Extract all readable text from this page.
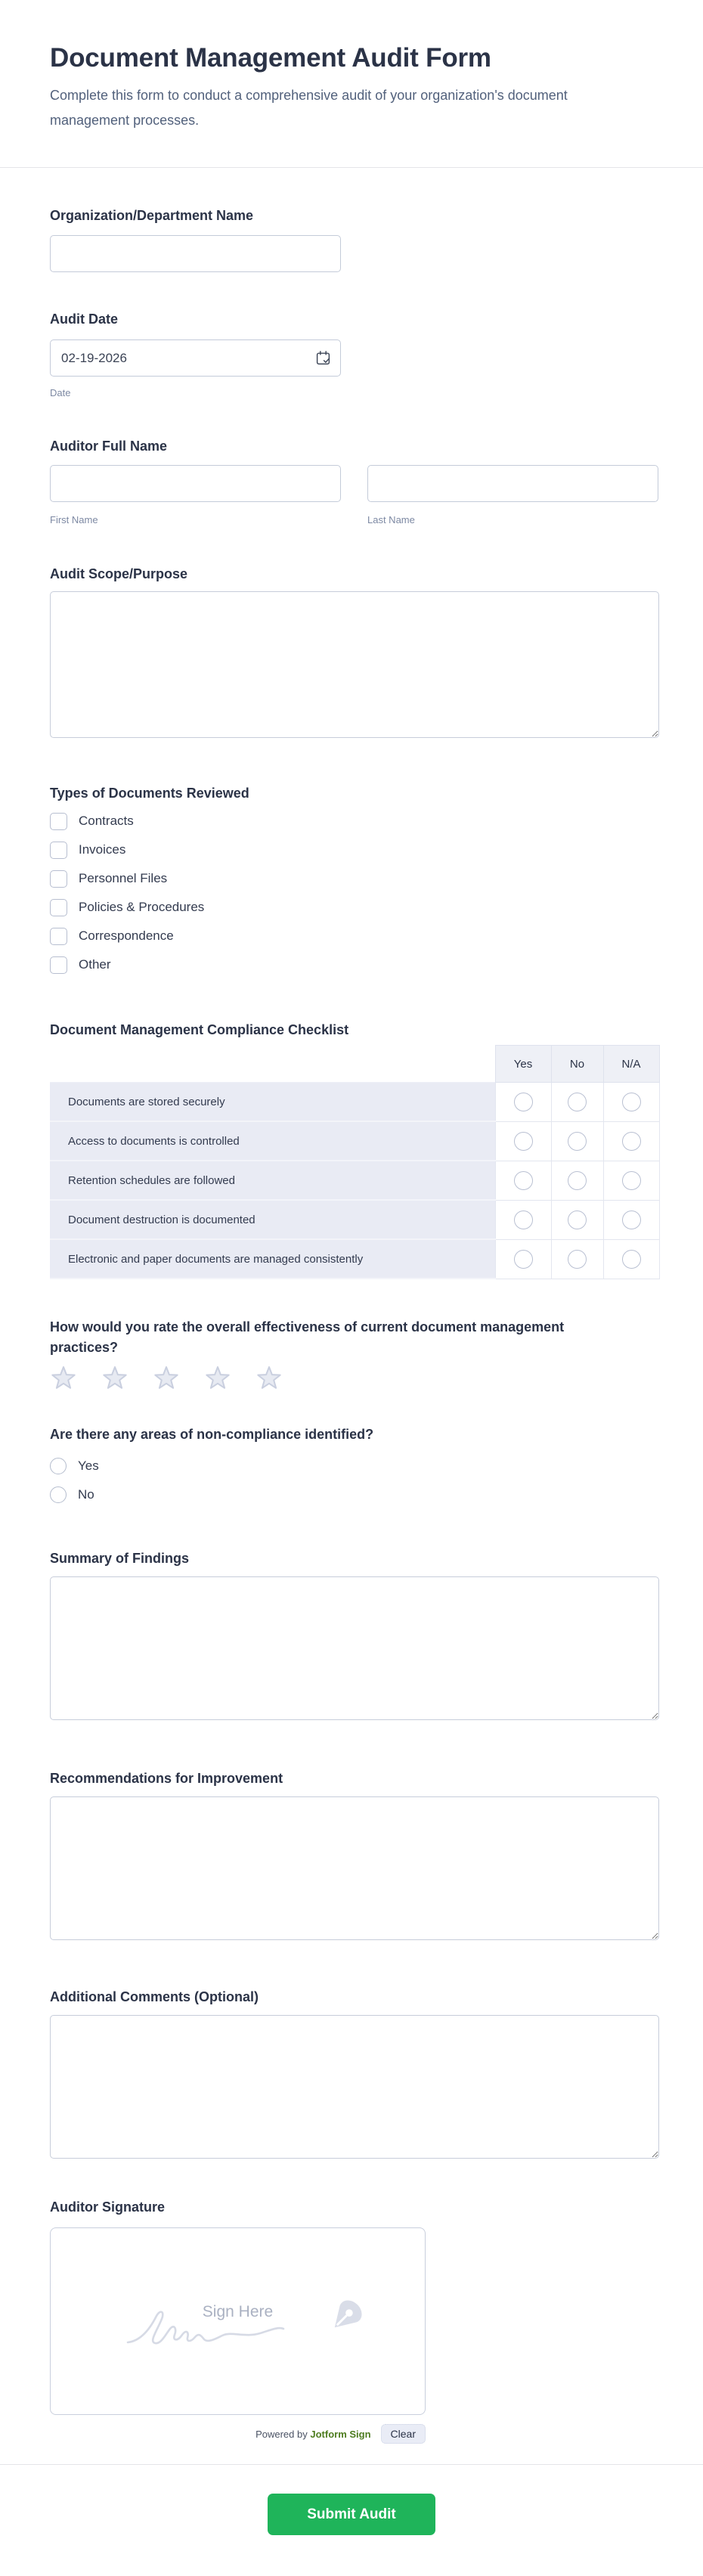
Document Management Audit Form

Complete this form to conduct a comprehensive audit of your organization's document management processes.

Organization/Department Name
Audit Date
02-19-2026
Date
Auditor Full Name
First Name	Last Name
Audit Scope/Purpose
Types of Documents Reviewed
Contracts
Invoices
Personnel Files
Policies & Procedures
Correspondence
Other
Document Management Compliance Checklist
	Yes	No	N/A
Documents are stored securely			
Access to documents is controlled			
Retention schedules are followed			
Document destruction is documented			
Electronic and paper documents are managed consistently			
How would you rate the overall effectiveness of current document management practices?
Are there any areas of non-compliance identified?
Yes
No
Summary of Findings
Recommendations for Improvement
Additional Comments (Optional)
Auditor Signature
Sign Here
Powered by Jotform Sign	Clear
Submit Audit
